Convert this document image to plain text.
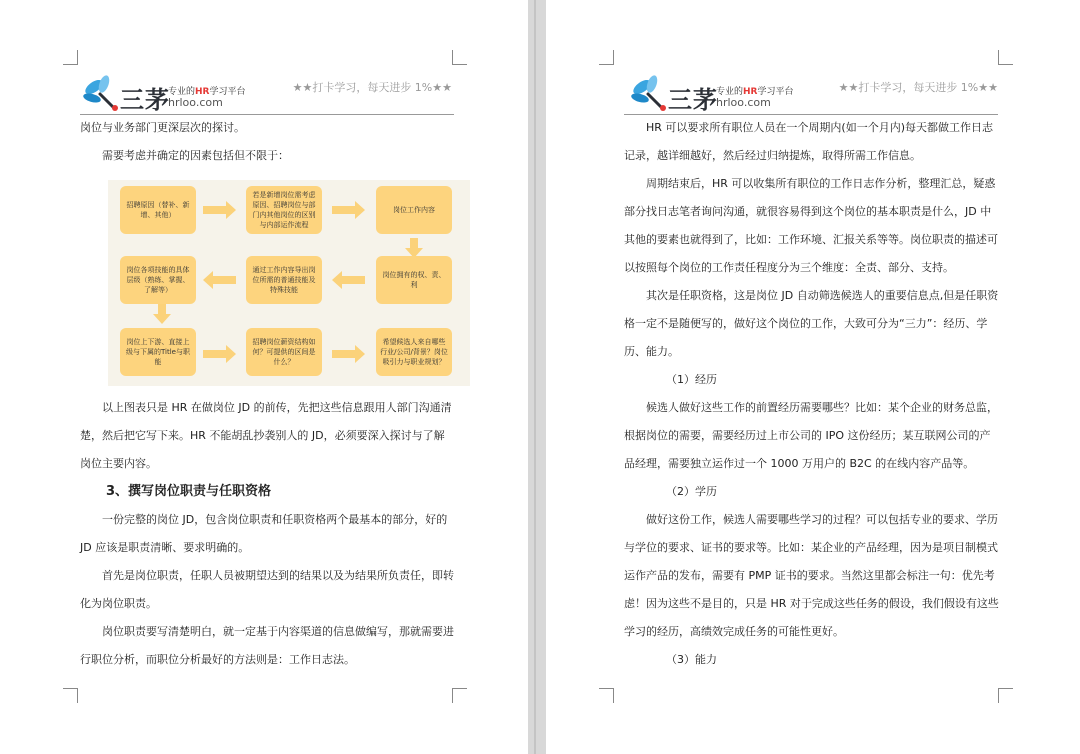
三茅
专业的HR学习平台
hrloo.com
★★打卡学习，每天进步 1%★★

岗位与业务部门更深层次的探讨。

需要考虑并确定的因素包括但不限于：

招聘原因（替补、新增、其他）
若是新增岗位需考虑原因、招聘岗位与部门内其他岗位的区别与内部运作流程
岗位工作内容
岗位各项技能的具体层级（熟练、掌握、了解等）
通过工作内容导出岗位所需的普通技能及特殊技能
岗位拥有的权、责、利
岗位上下游、直接上级与下属的Title与职能
招聘岗位薪资结构如何？可提供的区间是什么？
希望候选人来自哪些行业/公司/背景？岗位吸引力与职业规划？

以上图表只是 HR 在做岗位 JD 的前传，先把这些信息跟用人部门沟通清楚，然后把它写下来。HR 不能胡乱抄袭别人的 JD，必须要深入探讨与了解岗位主要内容。

3、撰写岗位职责与任职资格

一份完整的岗位 JD，包含岗位职责和任职资格两个最基本的部分，好的 JD 应该是职责清晰、要求明确的。

首先是岗位职责，任职人员被期望达到的结果以及为结果所负责任，即转化为岗位职责。

岗位职责要写清楚明白，就一定基于内容渠道的信息做编写，那就需要进行职位分析，而职位分析最好的方法则是：工作日志法。

三茅
专业的HR学习平台
hrloo.com
★★打卡学习，每天进步 1%★★

HR 可以要求所有职位人员在一个周期内(如一个月内)每天都做工作日志记录，越详细越好，然后经过归纳提炼，取得所需工作信息。

周期结束后，HR 可以收集所有职位的工作日志作分析，整理汇总，疑惑部分找日志笔者询问沟通，就很容易得到这个岗位的基本职责是什么，JD 中其他的要素也就得到了，比如：工作环境、汇报关系等等。岗位职责的描述可以按照每个岗位的工作责任程度分为三个维度：全责、部分、支持。

其次是任职资格，这是岗位 JD 自动筛选候选人的重要信息点,但是任职资格一定不是随便写的，做好这个岗位的工作，大致可分为“三力”：经历、学历、能力。

（1）经历

候选人做好这些工作的前置经历需要哪些？比如：某个企业的财务总监，根据岗位的需要，需要经历过上市公司的 IPO 这份经历；某互联网公司的产品经理，需要独立运作过一个 1000 万用户的 B2C 的在线内容产品等。

（2）学历

做好这份工作，候选人需要哪些学习的过程？可以包括专业的要求、学历与学位的要求、证书的要求等。比如：某企业的产品经理，因为是项目制模式运作产品的发布，需要有 PMP 证书的要求。当然这里都会标注一句：优先考虑！因为这些不是目的，只是 HR 对于完成这些任务的假设，我们假设有这些学习的经历，高绩效完成任务的可能性更好。

（3）能力
